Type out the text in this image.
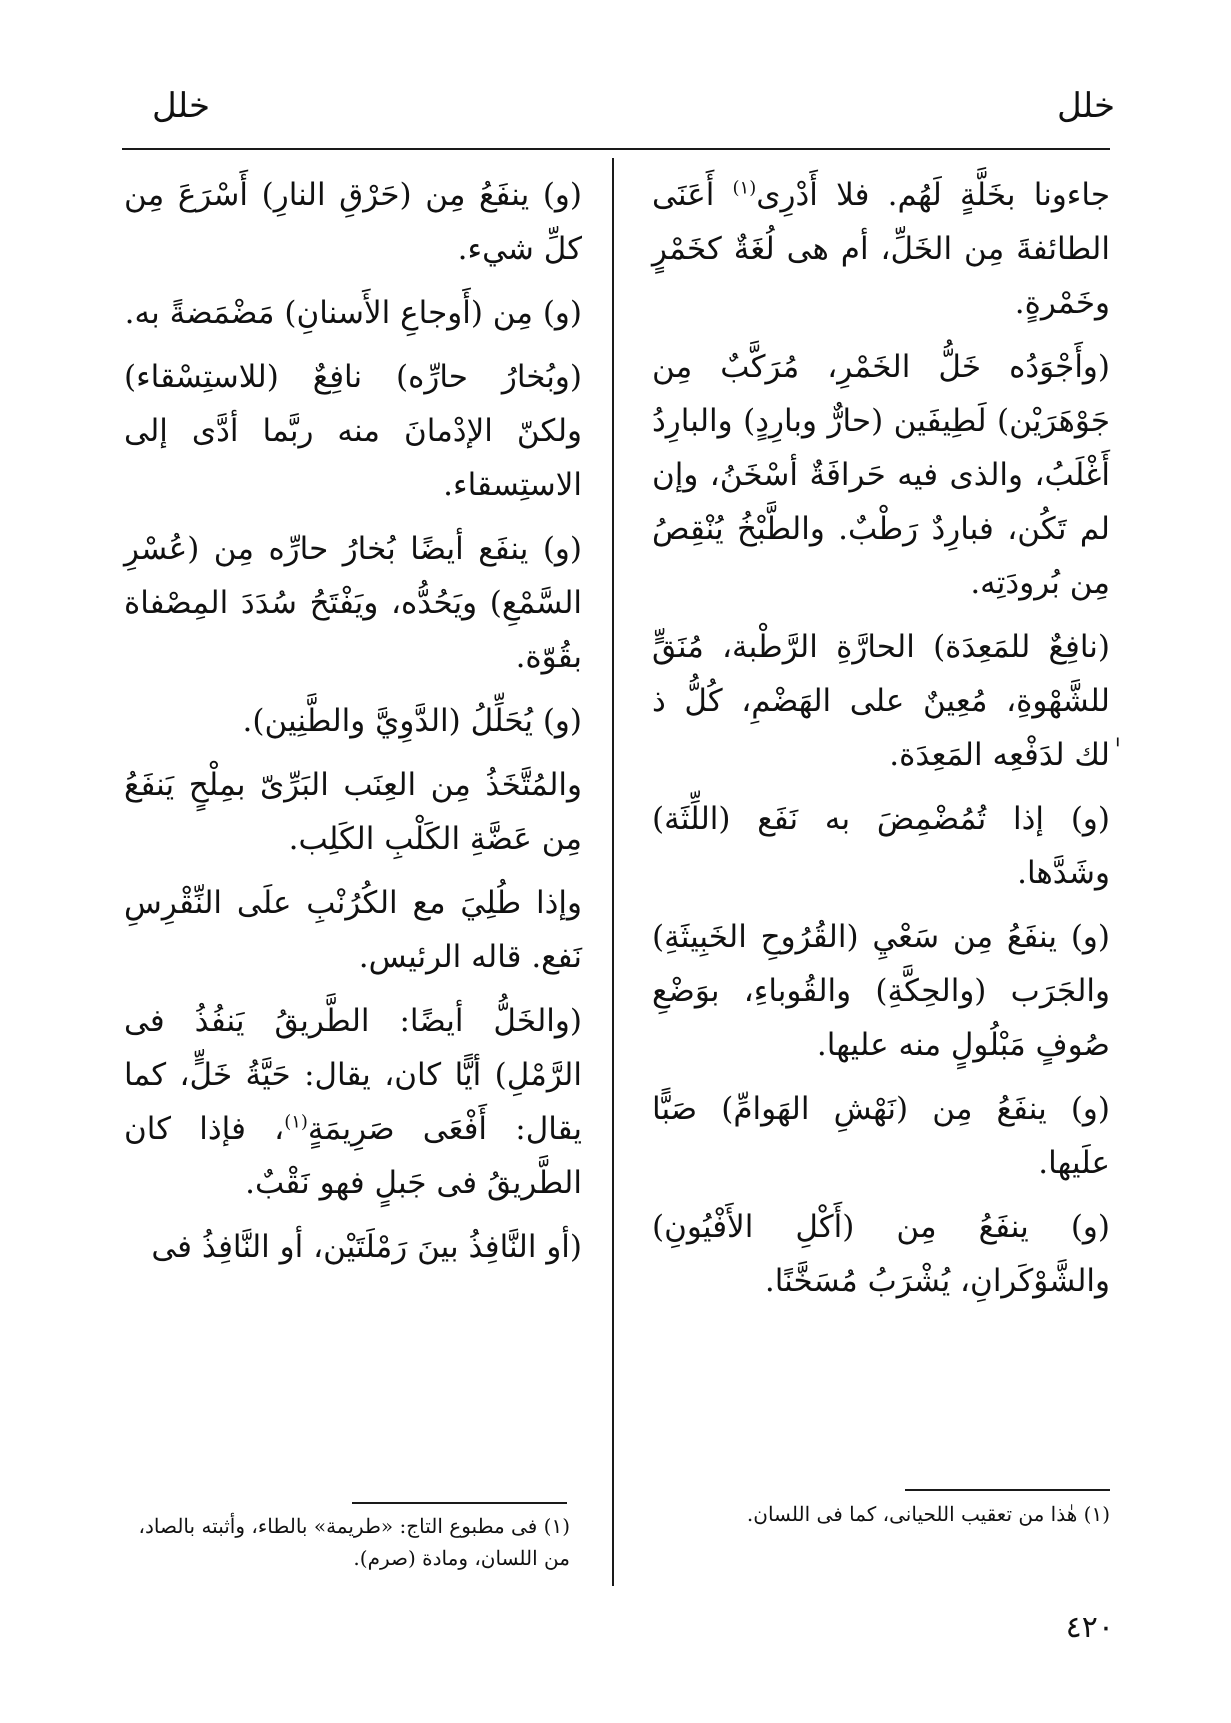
خلل
خلل

جاءونا بخَلَّةٍ لَهُم. فلا أَدْرِى$^{(١)}$ أَعَنَى الطائفةَ مِن الخَلِّ، أم هى لُغَةٌ كخَمْرٍ وخَمْرةٍ.

(وأَجْوَدُه خَلُّ الخَمْرِ، مُرَكَّبٌ مِن جَوْهَرَيْن) لَطِيفَين (حارٌّ وبارِدٍ) والبارِدُ أَغْلَبُ، والذى فيه حَرافَةٌ أسْخَنُ، وإن لم تَكُن، فبارِدٌ رَطْبٌ. والطَّبْخُ يُنْقِصُ مِن بُرودَتِه.

(نافِعٌ للمَعِدَة) الحارَّةِ الرَّطْبة، مُنَقٍّ للشَّهْوةِ، مُعِينٌ على الهَضْمِ، كُلُّ ذ ٰلك لدَفْعِه المَعِدَة.

(و) إذا تُمُضْمِضَ به نَفَع (اللِّثَة) وشَدَّها.

(و) ينفَعُ مِن سَعْيِ (القُرُوحِ الخَبِيثَةِ) والجَرَب (والحِكَّةِ) والقُوباءِ، بوَضْعِ صُوفٍ مَبْلُولٍ منه عليها.

(و) ينفَعُ مِن (نَهْشِ الهَوامِّ) صَبًّا علَيها.

(و) ينفَعُ مِن (أَكْلِ الأَفْيُونِ) والشَّوْكَرانِ، يُشْرَبُ مُسَخَّنًا.

(و) ينفَعُ مِن (حَرْقِ النارِ) أَسْرَعَ مِن كلِّ شيء.

(و) مِن (أَوجاعِ الأَسنانِ) مَضْمَضةً به.

(وبُخارُ حارِّه) نافِعٌ (للاستِسْقاء) ولكنّ الإدْمانَ منه ربَّما أدَّى إلى الاستِسقاء.

(و) ينفَع أيضًا بُخارُ حارِّه مِن (عُسْرِ السَّمْعِ) ويَحُدُّه، ويَفْتَحُ سُدَدَ المِصْفاة بقُوّة.

(و) يُحَلِّلُ (الدَّوِيَّ والطَّنِين).

والمُتَّخَذُ مِن العِنَب البَرِّىّ بمِلْحٍ يَنفَعُ مِن عَضَّةِ الكَلْبِ الكَلِب.

وإذا طُلِيَ مع الكُرُنْبِ علَى النِّقْرِسِ نَفع. قاله الرئيس.

(والخَلُّ أيضًا: الطَّريقُ يَنفُذُ فى الرَّمْلِ) أيًّا كان، يقال: حَيَّةُ خَلٍّ، كما يقال: أَفْعَى صَرِيمَةٍ$^{(١)}$، فإذا كان الطَّريقُ فى جَبلٍ فهو نَقْبٌ.

(أو النَّافِذُ بينَ رَمْلَتَيْن، أو النَّافِذُ فى

(١) هٰذا من تعقيب اللحيانى، كما فى اللسان.
(١) فى مطبوع التاج: «طريمة» بالطاء، وأثبته بالصاد، من اللسان، ومادة (صرم).
٤٢٠
